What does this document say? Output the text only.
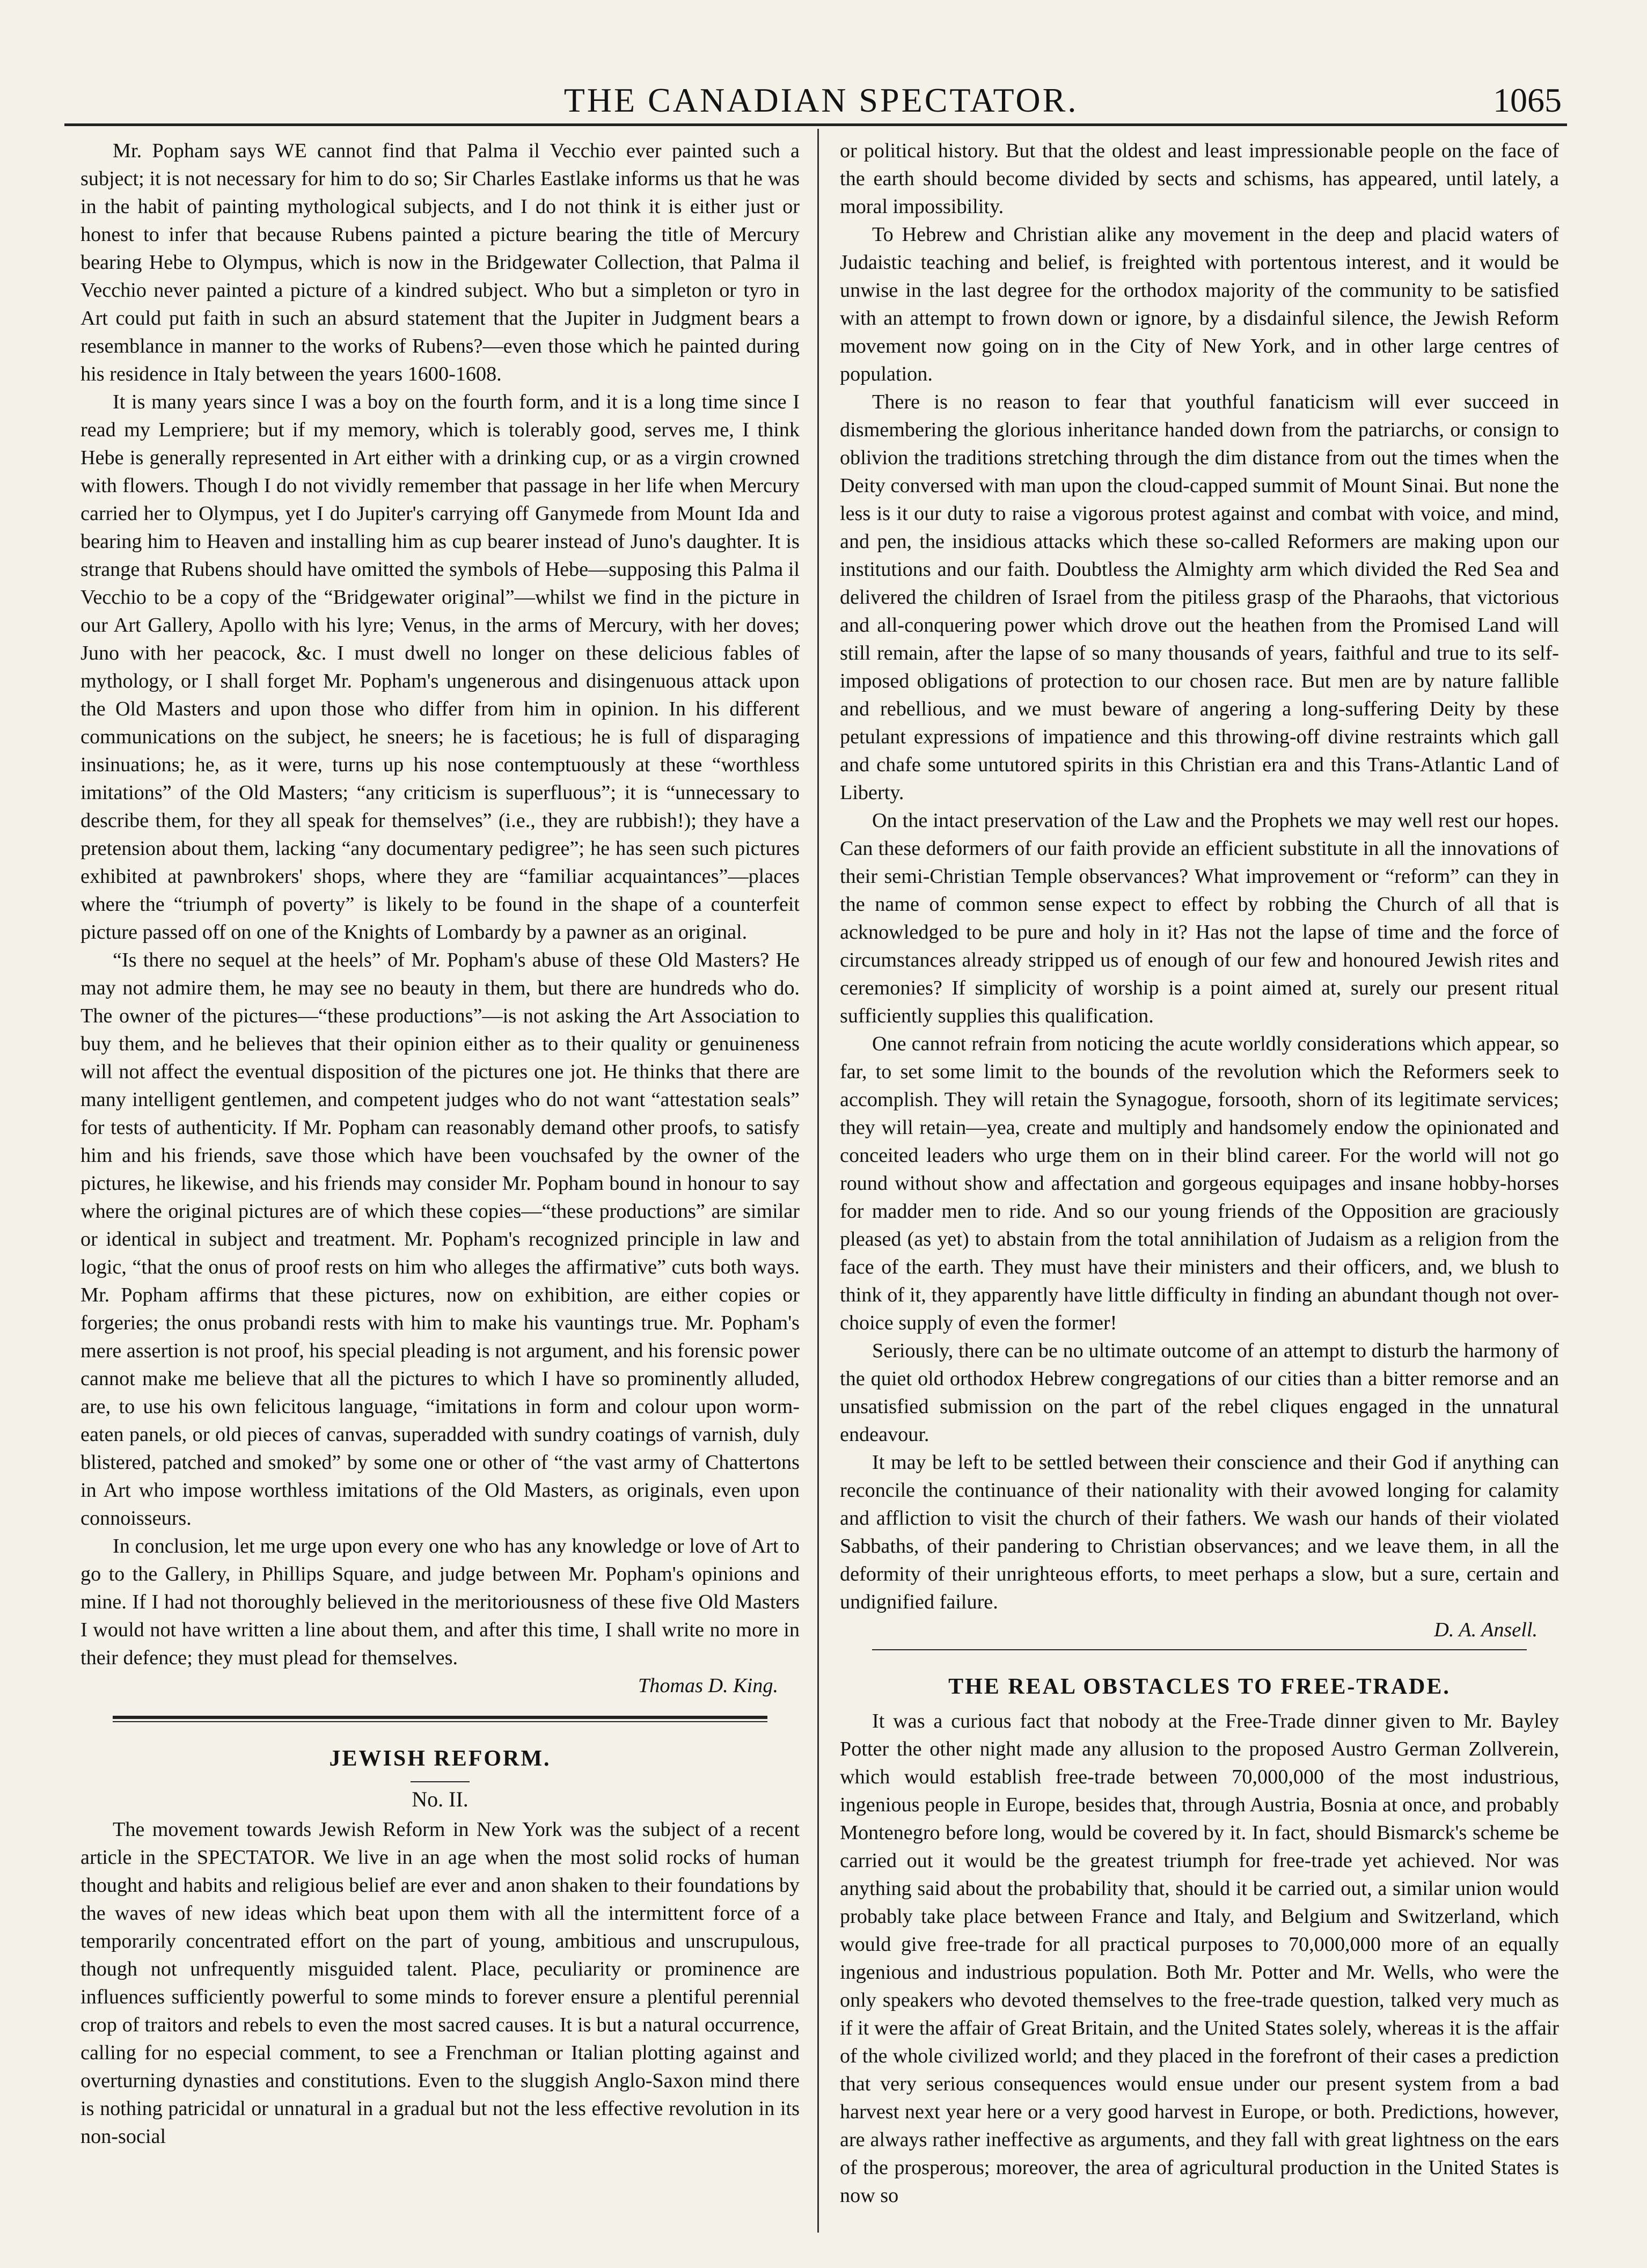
THE CANADIAN SPECTATOR.	1065

Mr. Popham says WE cannot find that Palma il Vecchio ever painted such a subject; it is not necessary for him to do so; Sir Charles Eastlake informs us that he was in the habit of painting mythological subjects, and I do not think it is either just or honest to infer that because Rubens painted a picture bearing the title of Mercury bearing Hebe to Olympus, which is now in the Bridgewater Collection, that Palma il Vecchio never painted a picture of a kindred subject. Who but a simpleton or tyro in Art could put faith in such an absurd statement that the Jupiter in Judgment bears a resemblance in manner to the works of Rubens?—even those which he painted during his residence in Italy between the years 1600-1608.

It is many years since I was a boy on the fourth form, and it is a long time since I read my Lempriere; but if my memory, which is tolerably good, serves me, I think Hebe is generally represented in Art either with a drinking cup, or as a virgin crowned with flowers. Though I do not vividly remember that passage in her life when Mercury carried her to Olympus, yet I do Jupiter's carrying off Ganymede from Mount Ida and bearing him to Heaven and installing him as cup bearer instead of Juno's daughter. It is strange that Rubens should have omitted the symbols of Hebe—supposing this Palma il Vecchio to be a copy of the “Bridgewater original”—whilst we find in the picture in our Art Gallery, Apollo with his lyre; Venus, in the arms of Mercury, with her doves; Juno with her peacock, &c. I must dwell no longer on these delicious fables of mythology, or I shall forget Mr. Popham's ungenerous and disingenuous attack upon the Old Masters and upon those who differ from him in opinion. In his different communications on the subject, he sneers; he is facetious; he is full of disparaging insinuations; he, as it were, turns up his nose contemptuously at these “worthless imitations” of the Old Masters; “any criticism is superfluous”; it is “unnecessary to describe them, for they all speak for themselves” (i.e., they are rubbish!); they have a pretension about them, lacking “any documentary pedigree”; he has seen such pictures exhibited at pawnbrokers' shops, where they are “familiar acquaintances”—places where the “triumph of poverty” is likely to be found in the shape of a counterfeit picture passed off on one of the Knights of Lombardy by a pawner as an original.

“Is there no sequel at the heels” of Mr. Popham's abuse of these Old Masters? He may not admire them, he may see no beauty in them, but there are hundreds who do. The owner of the pictures—“these productions”—is not asking the Art Association to buy them, and he believes that their opinion either as to their quality or genuineness will not affect the eventual disposition of the pictures one jot. He thinks that there are many intelligent gentlemen, and competent judges who do not want “attestation seals” for tests of authenticity. If Mr. Popham can reasonably demand other proofs, to satisfy him and his friends, save those which have been vouchsafed by the owner of the pictures, he likewise, and his friends may consider Mr. Popham bound in honour to say where the original pictures are of which these copies—“these productions” are similar or identical in subject and treatment. Mr. Popham's recognized principle in law and logic, “that the onus of proof rests on him who alleges the affirmative” cuts both ways. Mr. Popham affirms that these pictures, now on exhibition, are either copies or forgeries; the onus probandi rests with him to make his vauntings true. Mr. Popham's mere assertion is not proof, his special pleading is not argument, and his forensic power cannot make me believe that all the pictures to which I have so prominently alluded, are, to use his own felicitous language, “imitations in form and colour upon worm-eaten panels, or old pieces of canvas, superadded with sundry coatings of varnish, duly blistered, patched and smoked” by some one or other of “the vast army of Chattertons in Art who impose worthless imitations of the Old Masters, as originals, even upon connoisseurs.

In conclusion, let me urge upon every one who has any knowledge or love of Art to go to the Gallery, in Phillips Square, and judge between Mr. Popham's opinions and mine. If I had not thoroughly believed in the meritoriousness of these five Old Masters I would not have written a line about them, and after this time, I shall write no more in their defence; they must plead for themselves.

Thomas D. King.
JEWISH REFORM.
No. II.

The movement towards Jewish Reform in New York was the subject of a recent article in the SPECTATOR. We live in an age when the most solid rocks of human thought and habits and religious belief are ever and anon shaken to their foundations by the waves of new ideas which beat upon them with all the intermittent force of a temporarily concentrated effort on the part of young, ambitious and unscrupulous, though not unfrequently misguided talent. Place, peculiarity or prominence are influences sufficiently powerful to some minds to forever ensure a plentiful perennial crop of traitors and rebels to even the most sacred causes. It is but a natural occurrence, calling for no especial comment, to see a Frenchman or Italian plotting against and overturning dynasties and constitutions. Even to the sluggish Anglo-Saxon mind there is nothing patricidal or unnatural in a gradual but not the less effective revolution in its non-social

or political history. But that the oldest and least impressionable people on the face of the earth should become divided by sects and schisms, has appeared, until lately, a moral impossibility.

To Hebrew and Christian alike any movement in the deep and placid waters of Judaistic teaching and belief, is freighted with portentous interest, and it would be unwise in the last degree for the orthodox majority of the community to be satisfied with an attempt to frown down or ignore, by a disdainful silence, the Jewish Reform movement now going on in the City of New York, and in other large centres of population.

There is no reason to fear that youthful fanaticism will ever succeed in dismembering the glorious inheritance handed down from the patriarchs, or consign to oblivion the traditions stretching through the dim distance from out the times when the Deity conversed with man upon the cloud-capped summit of Mount Sinai. But none the less is it our duty to raise a vigorous protest against and combat with voice, and mind, and pen, the insidious attacks which these so-called Reformers are making upon our institutions and our faith. Doubtless the Almighty arm which divided the Red Sea and delivered the children of Israel from the pitiless grasp of the Pharaohs, that victorious and all-conquering power which drove out the heathen from the Promised Land will still remain, after the lapse of so many thousands of years, faithful and true to its self-imposed obligations of protection to our chosen race. But men are by nature fallible and rebellious, and we must beware of angering a long-suffering Deity by these petulant expressions of impatience and this throwing-off divine restraints which gall and chafe some untutored spirits in this Christian era and this Trans-Atlantic Land of Liberty.

On the intact preservation of the Law and the Prophets we may well rest our hopes. Can these deformers of our faith provide an efficient substitute in all the innovations of their semi-Christian Temple observances? What improvement or “reform” can they in the name of common sense expect to effect by robbing the Church of all that is acknowledged to be pure and holy in it? Has not the lapse of time and the force of circumstances already stripped us of enough of our few and honoured Jewish rites and ceremonies? If simplicity of worship is a point aimed at, surely our present ritual sufficiently supplies this qualification.

One cannot refrain from noticing the acute worldly considerations which appear, so far, to set some limit to the bounds of the revolution which the Reformers seek to accomplish. They will retain the Synagogue, forsooth, shorn of its legitimate services; they will retain—yea, create and multiply and handsomely endow the opinionated and conceited leaders who urge them on in their blind career. For the world will not go round without show and affectation and gorgeous equipages and insane hobby-horses for madder men to ride. And so our young friends of the Opposition are graciously pleased (as yet) to abstain from the total annihilation of Judaism as a religion from the face of the earth. They must have their ministers and their officers, and, we blush to think of it, they apparently have little difficulty in finding an abundant though not over-choice supply of even the former!

Seriously, there can be no ultimate outcome of an attempt to disturb the harmony of the quiet old orthodox Hebrew congregations of our cities than a bitter remorse and an unsatisfied submission on the part of the rebel cliques engaged in the unnatural endeavour.

It may be left to be settled between their conscience and their God if anything can reconcile the continuance of their nationality with their avowed longing for calamity and affliction to visit the church of their fathers. We wash our hands of their violated Sabbaths, of their pandering to Christian observances; and we leave them, in all the deformity of their unrighteous efforts, to meet perhaps a slow, but a sure, certain and undignified failure.

D. A. Ansell.
THE REAL OBSTACLES TO FREE-TRADE.

It was a curious fact that nobody at the Free-Trade dinner given to Mr. Bayley Potter the other night made any allusion to the proposed Austro German Zollverein, which would establish free-trade between 70,000,000 of the most industrious, ingenious people in Europe, besides that, through Austria, Bosnia at once, and probably Montenegro before long, would be covered by it. In fact, should Bismarck's scheme be carried out it would be the greatest triumph for free-trade yet achieved. Nor was anything said about the probability that, should it be carried out, a similar union would probably take place between France and Italy, and Belgium and Switzerland, which would give free-trade for all practical purposes to 70,000,000 more of an equally ingenious and industrious population. Both Mr. Potter and Mr. Wells, who were the only speakers who devoted themselves to the free-trade question, talked very much as if it were the affair of Great Britain, and the United States solely, whereas it is the affair of the whole civilized world; and they placed in the forefront of their cases a prediction that very serious consequences would ensue under our present system from a bad harvest next year here or a very good harvest in Europe, or both. Predictions, however, are always rather ineffective as arguments, and they fall with great lightness on the ears of the prosperous; moreover, the area of agricultural production in the United States is now so
